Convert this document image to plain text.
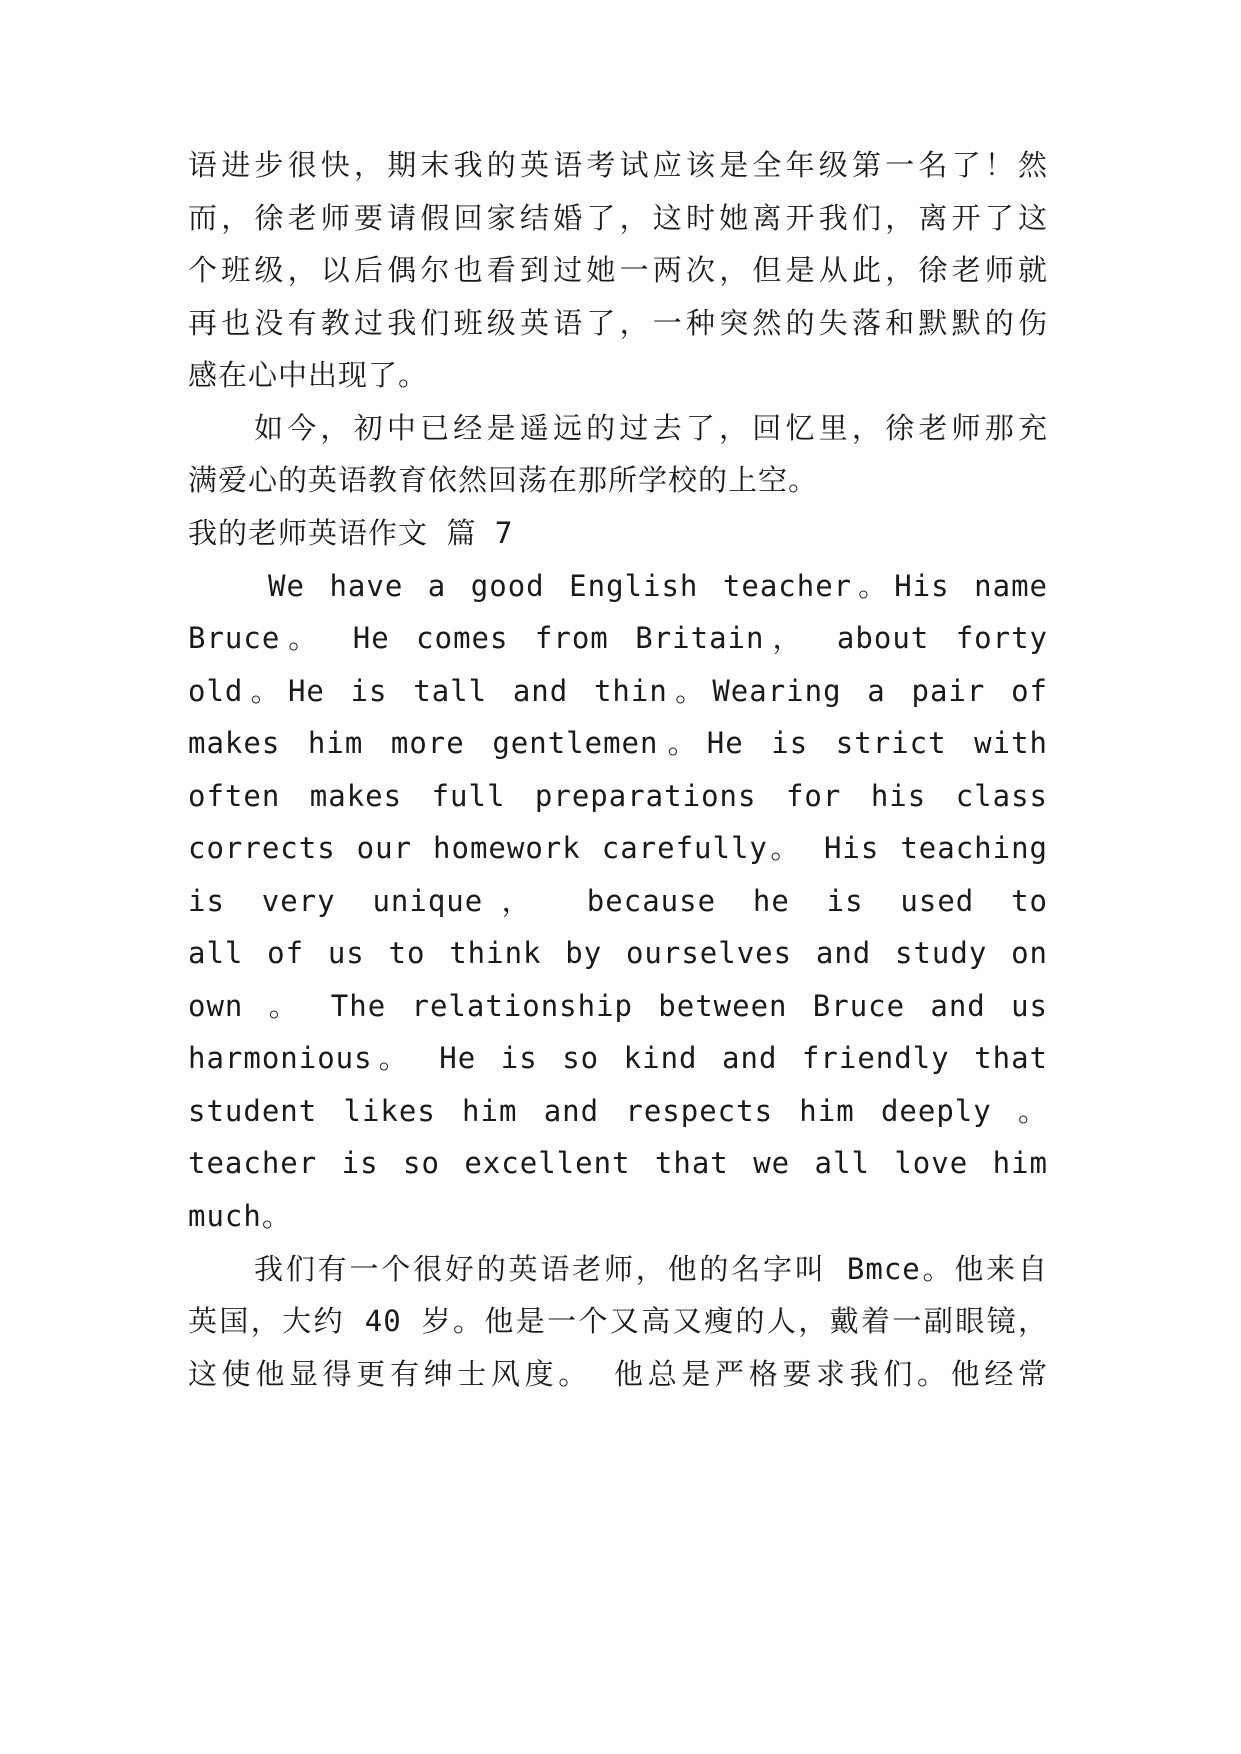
语进步很快，期末我的英语考试应该是全年级第一名了！然
而，徐老师要请假回家结婚了，这时她离开我们，离开了这
个班级，以后偶尔也看到过她一两次，但是从此，徐老师就
再也没有教过我们班级英语了，一种突然的失落和默默的伤
感在心中出现了。
如今，初中已经是遥远的过去了，回忆里，徐老师那充
满爱心的英语教育依然回荡在那所学校的上空。
我的老师英语作文 篇 7
We have a good English teacher。His name
Bruce。 He comes from Britain， about forty
old。He is tall and thin。Wearing a pair of
makes him more gentlemen。He is strict with
often makes full preparations for his class
corrects our homework carefully。 His teaching
is very unique， because he is used to
all of us to think by ourselves and study on
own 。 The relationship between Bruce and us
harmonious。 He is so kind and friendly that
student likes him and respects him deeply 。
teacher is so excellent that we all love him
much。
我们有一个很好的英语老师，他的名字叫 Bmce。他来自
英国，大约 40 岁。他是一个又高又瘦的人，戴着一副眼镜，
这使他显得更有绅士风度。 他总是严格要求我们。他经常
